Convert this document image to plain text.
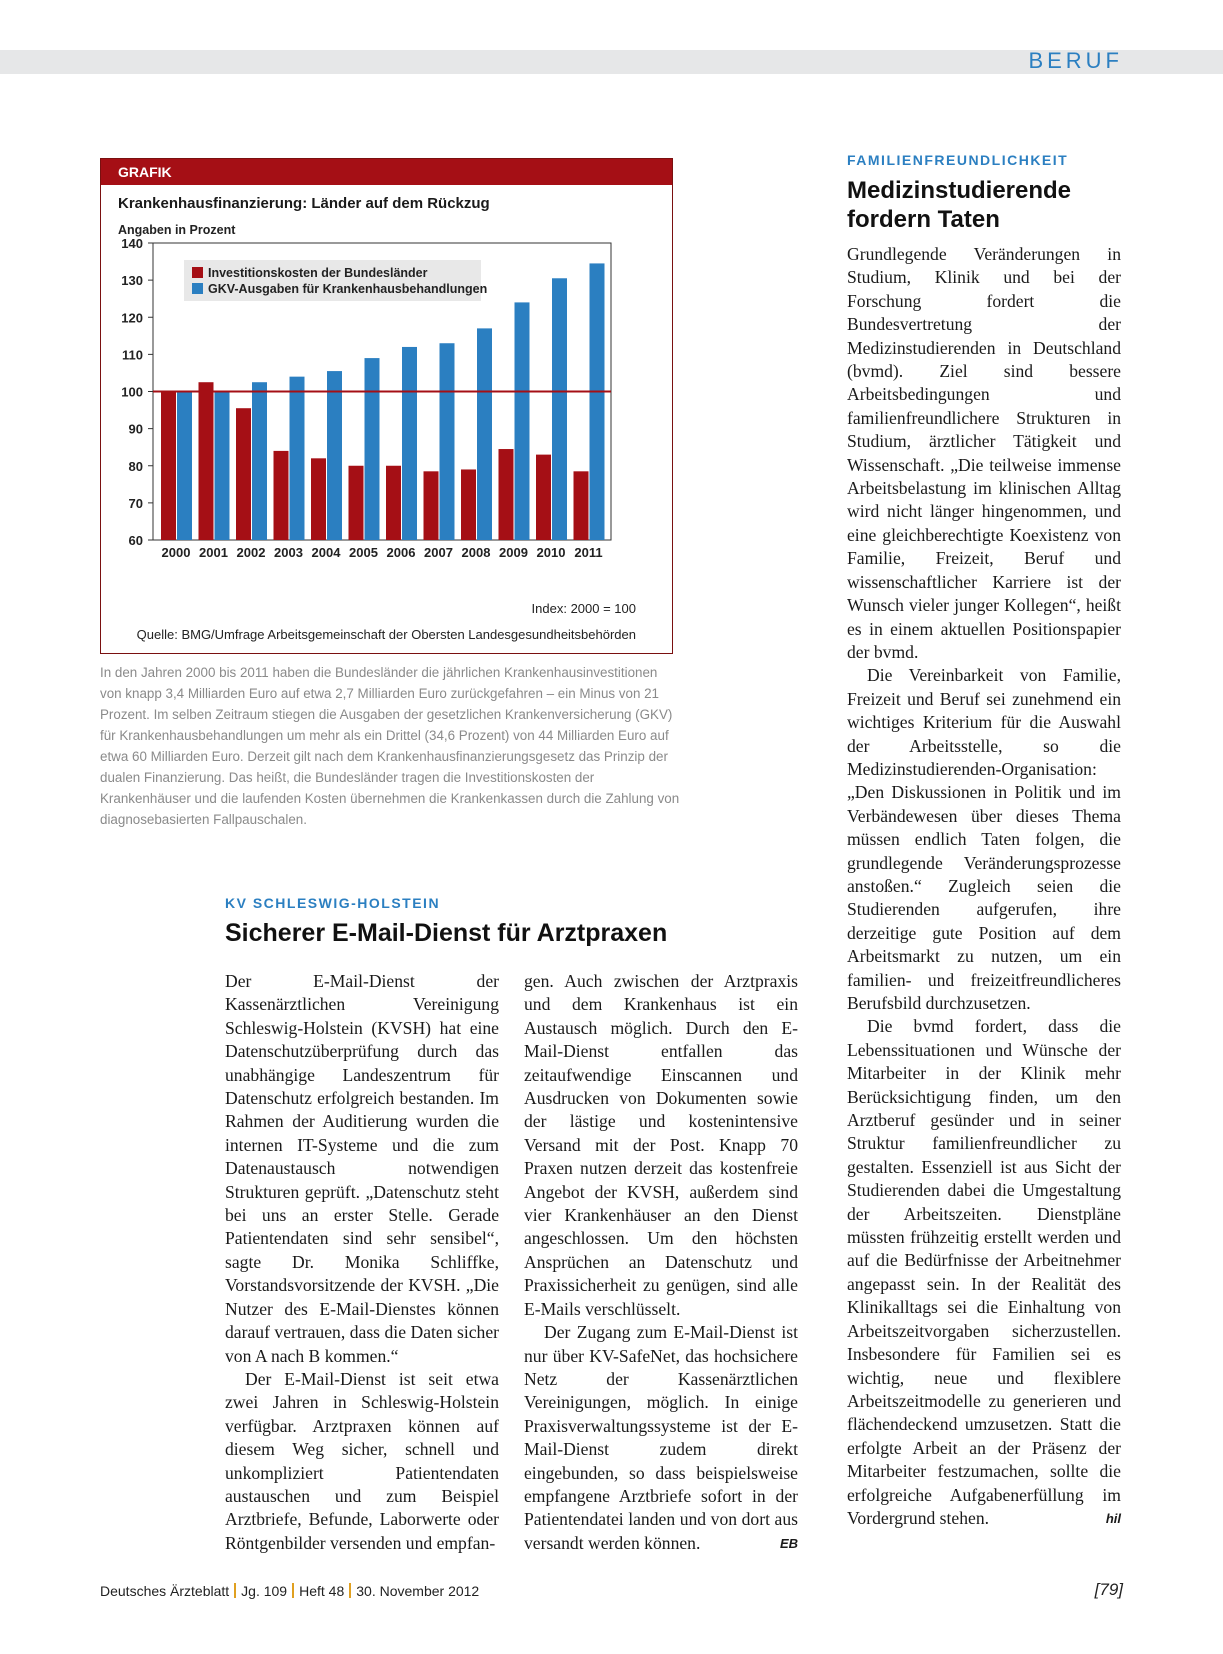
BERUF
GRAFIK
Krankenhausfinanzierung: Länder auf dem Rückzug
Angaben in Prozent
60
70
80
90
100
110
120
130
140
2000 2001 2002 2003 2004 2005 2006 2007 2008 2009 2010 2011
Investitionskosten der Bundesländer
GKV-Ausgaben für Krankenhausbehandlungen
Index: 2000 = 100
Quelle: BMG/Umfrage Arbeitsgemeinschaft der Obersten Landesgesundheitsbehörden
In den Jahren 2000 bis 2011 haben die Bundesländer die jährlichen Krankenhausinvestitionen von knapp 3,4 Milliarden Euro auf etwa 2,7 Milliarden Euro zurückgefahren – ein Minus von 21 Prozent. Im selben Zeitraum stiegen die Ausgaben der gesetzlichen Krankenversicherung (GKV) für Krankenhausbehandlungen um mehr als ein Drittel (34,6 Prozent) von 44 Milliarden Euro auf etwa 60 Milliarden Euro. Derzeit gilt nach dem Krankenhausfinanzierungsgesetz das Prinzip der dualen Finanzierung. Das heißt, die Bundesländer tragen die Investitionskosten der Krankenhäuser und die laufenden Kosten übernehmen die Krankenkassen durch die Zahlung von diagnosebasierten Fallpauschalen.
FAMILIENFREUNDLICHKEIT
Medizinstudierende fordern Taten

Grundlegende Veränderungen in Studium, Klinik und bei der Forschung fordert die Bundesvertretung der Medizinstudierenden in Deutschland (bvmd). Ziel sind bessere Arbeitsbedingungen und familienfreundlichere Strukturen in Studium, ärztlicher Tätigkeit und Wissenschaft. „Die teilweise immense Arbeitsbelastung im klinischen Alltag wird nicht länger hingenommen, und eine gleichberechtigte Koexistenz von Familie, Freizeit, Beruf und wissenschaftlicher Karriere ist der Wunsch vieler junger Kollegen“, heißt es in einem aktuellen Positionspapier der bvmd.

Die Vereinbarkeit von Familie, Freizeit und Beruf sei zunehmend ein wichtiges Kriterium für die Auswahl der Arbeitsstelle, so die Medizinstudierenden-Organisation: „Den Diskussionen in Politik und im Verbändewesen über dieses Thema müssen endlich Taten folgen, die grundlegende Veränderungsprozesse anstoßen.“ Zugleich seien die Studierenden aufgerufen, ihre derzeitige gute Position auf dem Arbeitsmarkt zu nutzen, um ein familien- und freizeitfreundlicheres Berufsbild durchzusetzen.

Die bvmd fordert, dass die Lebenssituationen und Wünsche der Mitarbeiter in der Klinik mehr Berücksichtigung finden, um den Arztberuf gesünder und in seiner Struktur familienfreundlicher zu gestalten. Essenziell ist aus Sicht der Studierenden dabei die Umgestaltung der Arbeitszeiten. Dienstpläne müssten frühzeitig erstellt werden und auf die Bedürfnisse der Arbeitnehmer angepasst sein. In der Realität des Klinikalltags sei die Einhaltung von Arbeitszeitvorgaben sicherzustellen. Insbesondere für Familien sei es wichtig, neue und flexiblere Arbeitszeitmodelle zu generieren und flächendeckend umzusetzen. Statt die erfolgte Arbeit an der Präsenz der Mitarbeiter festzumachen, sollte die erfolgreiche Aufgabenerfüllung im Vordergrund stehen.	hil

KV SCHLESWIG-HOLSTEIN
Sicherer E-Mail-Dienst für Arztpraxen

Der E-Mail-Dienst der Kassenärztlichen Vereinigung Schleswig-Holstein (KVSH) hat eine Datenschutzüberprüfung durch das unabhängige Landeszentrum für Datenschutz erfolgreich bestanden. Im Rahmen der Auditierung wurden die internen IT-Systeme und die zum Datenaustausch notwendigen Strukturen geprüft. „Datenschutz steht bei uns an erster Stelle. Gerade Patientendaten sind sehr sensibel“, sagte Dr. Monika Schliffke, Vorstandsvorsitzende der KVSH. „Die Nutzer des E-Mail-Dienstes können darauf vertrauen, dass die Daten sicher von A nach B kommen.“

Der E-Mail-Dienst ist seit etwa zwei Jahren in Schleswig-Holstein verfügbar. Arztpraxen können auf diesem Weg sicher, schnell und unkompliziert Patientendaten austauschen und zum Beispiel Arztbriefe, Befunde, Laborwerte oder Röntgenbilder versenden und empfan-

gen. Auch zwischen der Arztpraxis und dem Krankenhaus ist ein Austausch möglich. Durch den E-Mail-Dienst entfallen das zeitaufwendige Einscannen und Ausdrucken von Dokumenten sowie der lästige und kostenintensive Versand mit der Post. Knapp 70 Praxen nutzen derzeit das kostenfreie Angebot der KVSH, außerdem sind vier Krankenhäuser an den Dienst angeschlossen. Um den höchsten Ansprüchen an Datenschutz und Praxissicherheit zu genügen, sind alle E-Mails verschlüsselt.

Der Zugang zum E-Mail-Dienst ist nur über KV-SafeNet, das hochsichere Netz der Kassenärztlichen Vereinigungen, möglich. In einige Praxisverwaltungssysteme ist der E-Mail-Dienst zudem direkt eingebunden, so dass beispielsweise empfangene Arztbriefe sofort in der Patientendatei landen und von dort aus versandt werden können.	EB

Deutsches Ärzteblatt Jg. 109 Heft 48 30. November 2012	[79]
